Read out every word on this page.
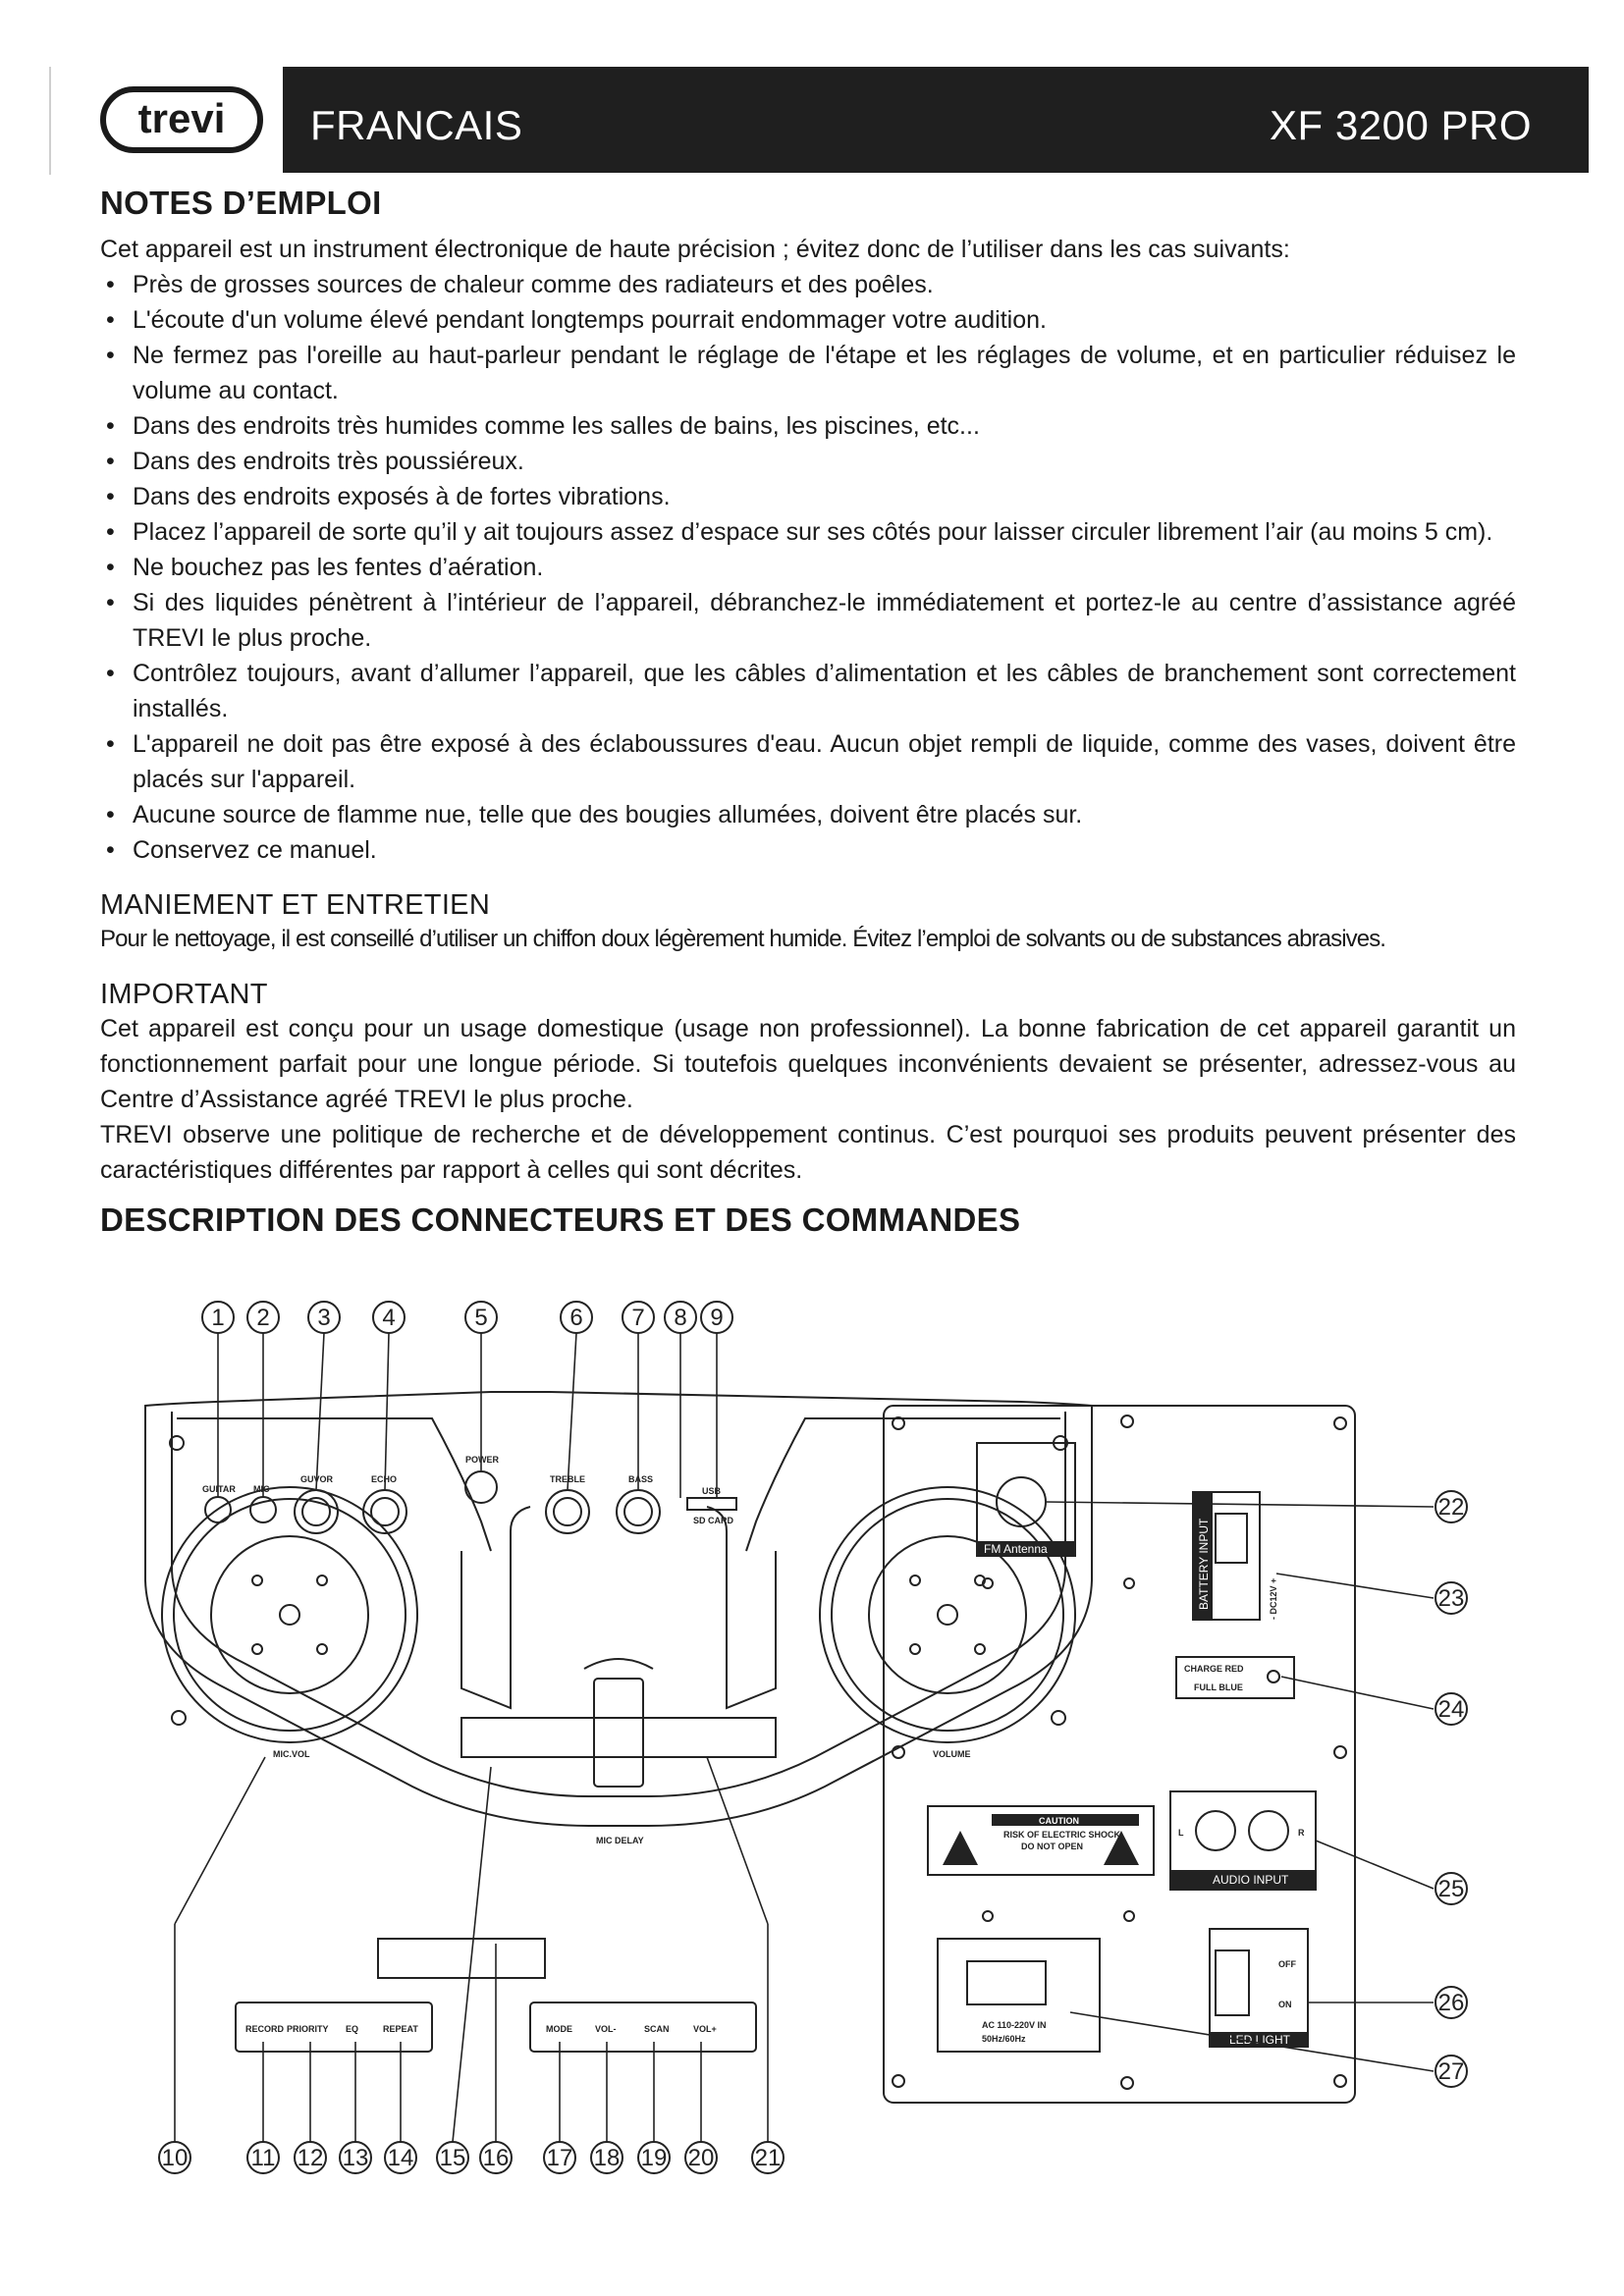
trevi FRANCAIS	XF 3200 PRO
NOTES D’EMPLOI

Cet appareil est un instrument électronique de haute précision ; évitez donc de l’utiliser dans les cas suivants:

• Près de grosses sources de chaleur comme des radiateurs et des poêles.
• L'écoute d'un volume élevé pendant longtemps pourrait endommager votre audition.
• Ne fermez pas l'oreille au haut-parleur pendant le réglage de l'étape et les réglages de volume, et en particulier réduisez le volume au contact.
• Dans des endroits très humides comme les salles de bains, les piscines, etc...
• Dans des endroits très poussiéreux.
• Dans des endroits exposés à de fortes vibrations.
• Placez l’appareil de sorte qu’il y ait toujours assez d’espace sur ses côtés pour laisser circuler librement l’air (au moins 5 cm).
• Ne bouchez pas les fentes d’aération.
• Si des liquides pénètrent à l’intérieur de l’appareil, débranchez-le immédiatement et portez-le au centre d’assistance agréé TREVI le plus proche.
• Contrôlez toujours, avant d’allumer l’appareil, que les câbles d’alimentation et les câbles de branchement sont correctement installés.
• L'appareil ne doit pas être exposé à des éclaboussures d'eau. Aucun objet rempli de liquide, comme des vases, doivent être placés sur l'appareil.
• Aucune source de flamme nue, telle que des bougies allumées, doivent être placés sur.
• Conservez ce manuel.
MANIEMENT ET ENTRETIEN

Pour le nettoyage, il est conseillé d’utiliser un chiffon doux légèrement humide. Évitez l’emploi de solvants ou de substances abrasives.

IMPORTANT

Cet appareil est conçu pour un usage domestique (usage non professionnel). La bonne fabrication de cet appareil garantit un fonctionnement parfait pour une longue période. Si toutefois quelques inconvénients devaient se présenter, adressez-vous au Centre d’Assistance agréé TREVI le plus proche.

TREVI observe une politique de recherche et de développement continus. C’est pourquoi ses produits peuvent présenter des caractéristiques différentes par rapport à celles qui sont décrites.

DESCRIPTION DES CONNECTEURS ET DES COMMANDES
GUITAR MIC
GUVOR	ECHO
POWER
TREBLE	BASS
USB
SD CARD
MIC.VOL	VOLUME
MIC DELAY
RECORD PRIORITY EQ	REPEAT	MODE	VOL-	SCAN	VOL+
FM Antenna	BATTERY INPUT
AUDIO INPUT
LED LIGHT
CAUTION
- DC12V +
CHARGE RED
FULL BLUE
RISK OF ELECTRIC SHOCK
DO NOT OPEN
L	R
OFF
ON
AC 110-220V IN
50Hz/60Hz
1 2 3 4	5	6 7 8 9
22
23
24
25
26
27
10	11 12 13 14 15 16 17 18 19 20 21
